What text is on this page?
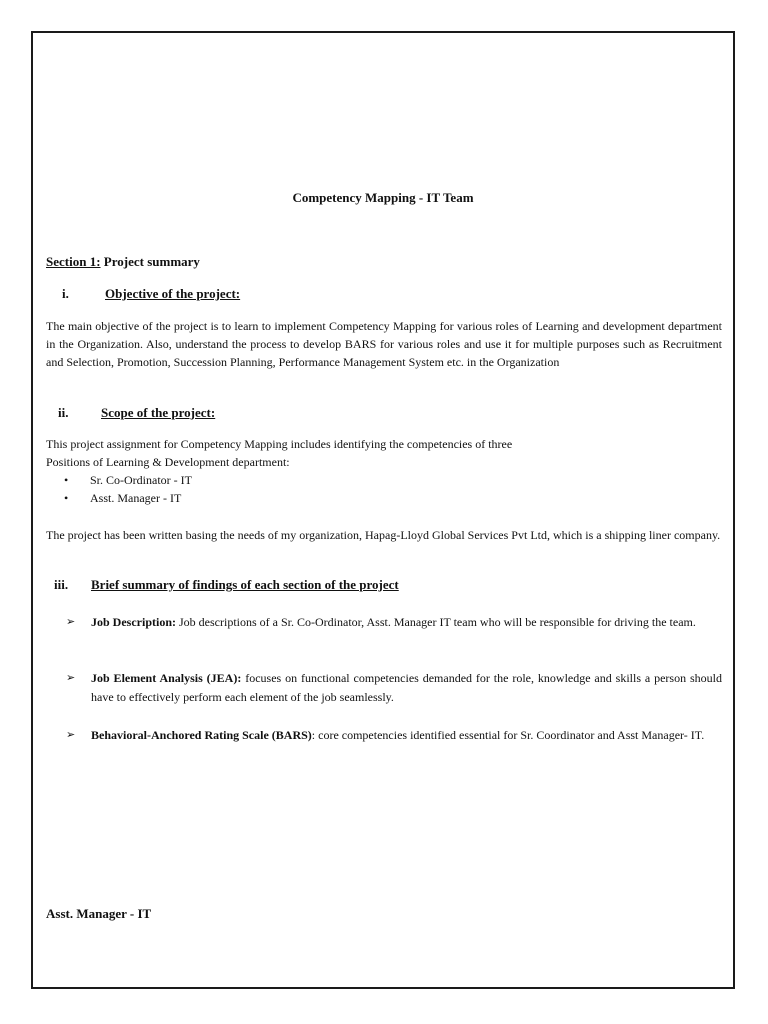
Competency Mapping - IT Team
Section 1: Project summary
i.	Objective of the project:
The main objective of the project is to learn to implement Competency Mapping for various roles of Learning and development department in the Organization. Also, understand the process to develop BARS for various roles and use it for multiple purposes such as Recruitment and Selection, Promotion, Succession Planning, Performance Management System etc. in the Organization
ii.	Scope of the project:
This project assignment for Competency Mapping includes identifying the competencies of three
Positions of Learning & Development department:
• Sr. Co-Ordinator - IT
• Asst. Manager - IT
The project has been written basing the needs of my organization, Hapag-Lloyd Global Services Pvt Ltd, which is a shipping liner company.
iii. Brief summary of findings of each section of the project
➢ Job Description: Job descriptions of a Sr. Co-Ordinator, Asst. Manager IT team who will be responsible for driving the team.
➢ Job Element Analysis (JEA): focuses on functional competencies demanded for the role, knowledge and skills a person should have to effectively perform each element of the job seamlessly.
➢ Behavioral-Anchored Rating Scale (BARS): core competencies identified essential for Sr. Coordinator and Asst Manager- IT.
Asst. Manager - IT
